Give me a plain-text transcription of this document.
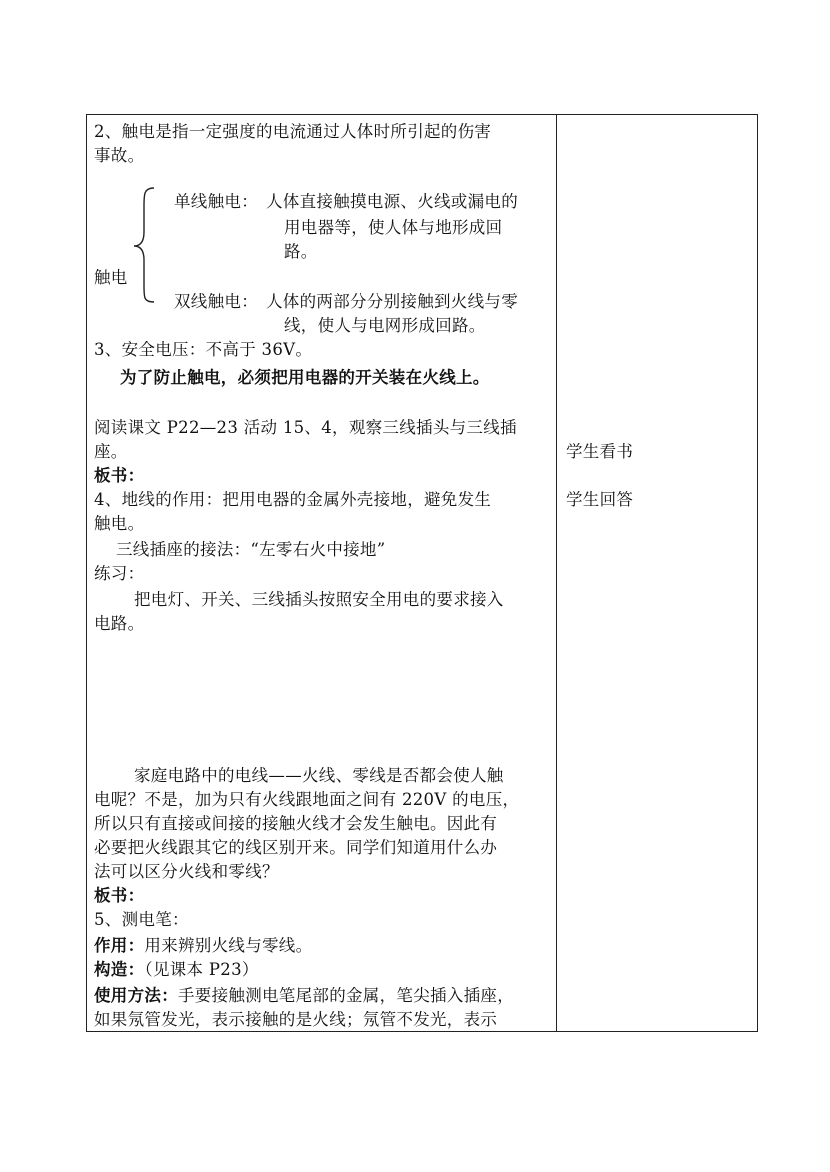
2、触电是指一定强度的电流通过人体时所引起的伤害
事故。
单线触电： 人体直接触摸电源、火线或漏电的
用电器等，使人体与地形成回
路。
触电
双线触电： 人体的两部分分别接触到火线与零
线，使人与电网形成回路。
3、安全电压：不高于 36V。
为了防止触电，必须把用电器的开关装在火线上。
阅读课文 P22—23 活动 15、4，观察三线插头与三线插
座。
板书：
4、地线的作用：把用电器的金属外壳接地，避免发生
触电。
三线插座的接法：“左零右火中接地”
练习：
把电灯、开关、三线插头按照安全用电的要求接入
电路。
家庭电路中的电线——火线、零线是否都会使人触
电呢？不是，加为只有火线跟地面之间有 220V 的电压，
所以只有直接或间接的接触火线才会发生触电。因此有
必要把火线跟其它的线区别开来。同学们知道用什么办
法可以区分火线和零线？
板书：
5、测电笔：
作用：用来辨别火线与零线。
构造：（见课本 P23）
使用方法：手要接触测电笔尾部的金属，笔尖插入插座，
如果氖管发光，表示接触的是火线；氖管不发光，表示
学生看书
学生回答
